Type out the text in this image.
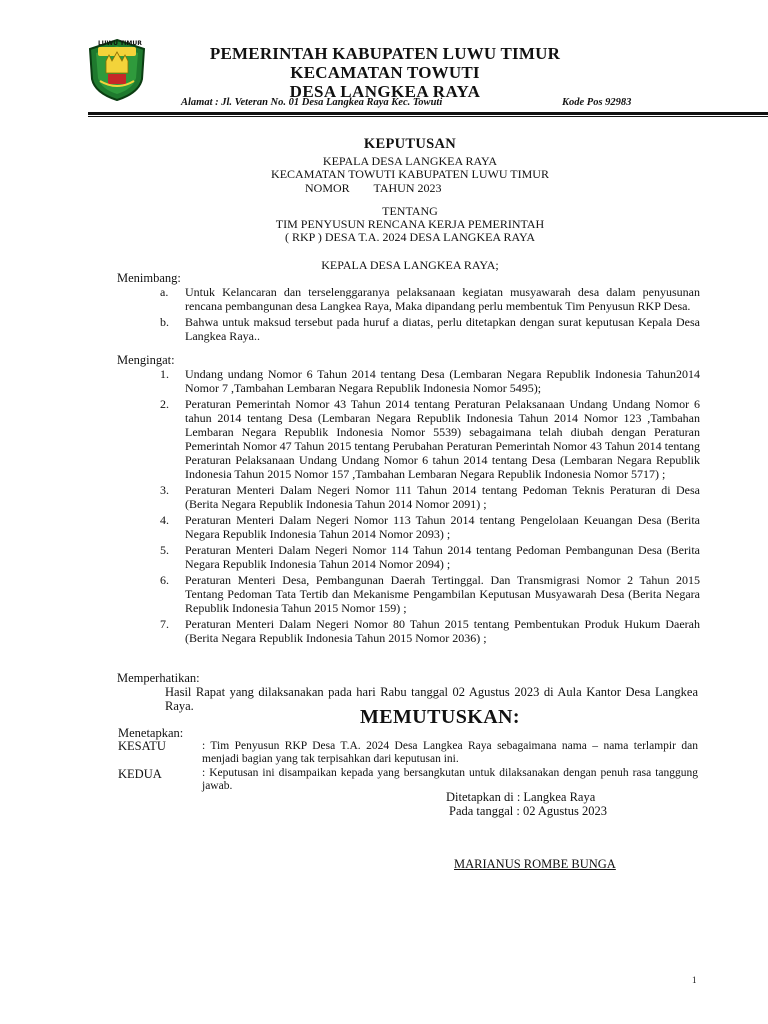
LUWU TIMUR
PEMERINTAH KABUPATEN LUWU TIMUR
KECAMATAN TOWUTI
DESA LANGKEA RAYA
Alamat : Jl. Veteran No. 01 Desa Langkea Raya Kec. Towuti	Kode Pos 92983
KEPUTUSAN
KEPALA DESA LANGKEA RAYA
KECAMATAN TOWUTI KABUPATEN LUWU TIMUR
NOMOR        TAHUN 2023
TENTANG
TIM PENYUSUN RENCANA KERJA PEMERINTAH
( RKP ) DESA T.A. 2024 DESA LANGKEA RAYA
KEPALA DESA LANGKEA RAYA;
Menimbang:
a.	Untuk Kelancaran dan terselenggaranya pelaksanaan kegiatan musyawarah desa dalam penyusunan rencana pembangunan desa Langkea Raya, Maka dipandang perlu membentuk Tim Penyusun RKP Desa.
b.	Bahwa untuk maksud tersebut pada huruf a diatas, perlu ditetapkan dengan surat keputusan Kepala Desa Langkea Raya..
Mengingat:
1.	Undang undang Nomor 6 Tahun 2014 tentang Desa (Lembaran Negara Republik Indonesia Tahun2014 Nomor 7 ,Tambahan Lembaran Negara Republik Indonesia Nomor 5495);
2.	Peraturan Pemerintah Nomor 43 Tahun 2014 tentang Peraturan Pelaksanaan Undang Undang Nomor 6 tahun 2014 tentang Desa (Lembaran Negara Republik Indonesia Tahun 2014 Nomor 123 ,Tambahan Lembaran Negara Republik Indonesia Nomor 5539) sebagaimana telah diubah dengan Peraturan Pemerintah Nomor 47 Tahun 2015 tentang Perubahan Peraturan Pemerintah Nomor 43 Tahun 2014 tentang Peraturan Pelaksanaan Undang Undang Nomor 6 tahun 2014 tentang Desa (Lembaran Negara Republik Indonesia Tahun 2015 Nomor 157 ,Tambahan Lembaran Negara Republik Indonesia Nomor 5717) ;
3.	Peraturan Menteri Dalam Negeri Nomor 111 Tahun 2014 tentang Pedoman Teknis Peraturan di Desa (Berita Negara Republik Indonesia Tahun 2014 Nomor 2091) ;
4.	Peraturan Menteri Dalam Negeri Nomor 113 Tahun 2014 tentang Pengelolaan Keuangan Desa (Berita Negara Republik Indonesia Tahun 2014 Nomor 2093) ;
5.	Peraturan Menteri Dalam Negeri Nomor 114 Tahun 2014 tentang Pedoman Pembangunan Desa (Berita Negara Republik Indonesia Tahun 2014 Nomor 2094) ;
6.	Peraturan Menteri Desa, Pembangunan Daerah Tertinggal. Dan Transmigrasi Nomor 2 Tahun 2015 Tentang Pedoman Tata Tertib dan Mekanisme Pengambilan Keputusan Musyawarah Desa (Berita Negara Republik Indonesia Tahun 2015 Nomor 159) ;
7.	Peraturan Menteri Dalam Negeri Nomor 80 Tahun 2015 tentang Pembentukan Produk Hukum Daerah (Berita Negara Republik Indonesia Tahun 2015 Nomor 2036) ;
Memperhatikan:
Hasil Rapat yang dilaksanakan pada hari Rabu tanggal 02 Agustus 2023 di Aula Kantor Desa Langkea Raya.	MEMUTUSKAN:
Menetapkan:
KESATU	: Tim Penyusun RKP Desa T.A. 2024 Desa Langkea Raya sebagaimana nama – nama terlampir dan menjadi bagian yang tak terpisahkan dari keputusan ini.
KEDUA	: Keputusan ini disampaikan kepada yang bersangkutan untuk dilaksanakan dengan penuh rasa tanggung jawab.
Ditetapkan di : Langkea Raya
Pada tanggal : 02 Agustus 2023
MARIANUS ROMBE BUNGA
1
